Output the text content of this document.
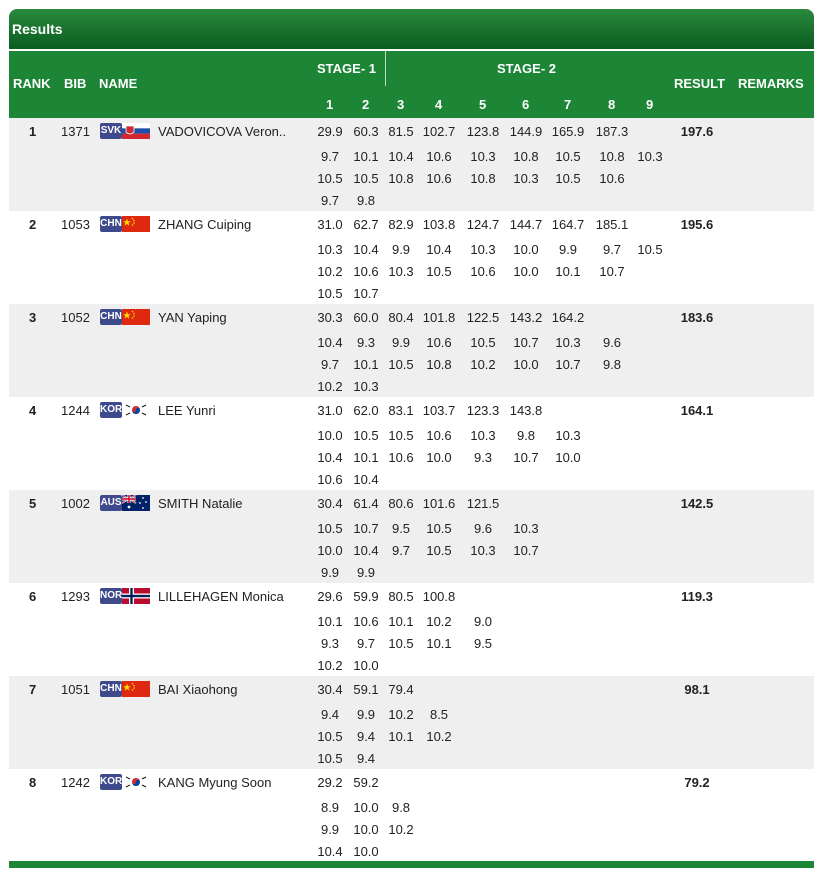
Results
RANK BIB NAME
STAGE- 1	STAGE- 2
1 2 3 4	5	6	7	8 9
RESULT REMARKS
1 1371 SVK	VADOVICOVA Veron.. 29.9 60.3 81.5 102.7 123.8 144.9 165.9 187.3
9.7 10.1 10.4 10.6 10.3 10.8 10.5 10.8 10.3
10.5 10.5 10.8 10.6 10.8 10.3 10.5 10.6
9.7 9.8
197.6
2 1053 CHN	ZHANG Cuiping	31.0 62.7 82.9 103.8 124.7 144.7 164.7 185.1
10.3 10.4 9.9 10.4 10.3 10.0 9.9 9.7 10.5
10.2 10.6 10.3 10.5 10.6 10.0 10.1 10.7
10.5 10.7
195.6
3 1052 CHN	YAN Yaping	30.3 60.0 80.4 101.8 122.5 143.2 164.2
10.4 9.3 9.9 10.6 10.5 10.7 10.3 9.6
9.7 10.1 10.5 10.8 10.2 10.0 10.7 9.8
10.2 10.3
183.6
4 1244 KOR	LEE Yunri	31.0 62.0 83.1 103.7 123.3 143.8
10.0 10.5 10.5 10.6 10.3 9.8 10.3
10.4 10.1 10.6 10.0 9.3 10.7 10.0
10.6 10.4
164.1
5 1002 AUS	SMITH Natalie	30.4 61.4 80.6 101.6 121.5
10.5 10.7 9.5 10.5 9.6 10.3
10.0 10.4 9.7 10.5 10.3 10.7
9.9 9.9
142.5
6 1293 NOR	LILLEHAGEN Monica	29.6 59.9 80.5 100.8
10.1 10.6 10.1 10.2 9.0
9.3 9.7 10.5 10.1 9.5
10.2 10.0
119.3
7 1051 CHN	BAI Xiaohong	30.4 59.1 79.4
9.4 9.9 10.2 8.5
10.5 9.4 10.1 10.2
10.5 9.4
98.1
8 1242 KOR	KANG Myung Soon	29.2 59.2
8.9 10.0 9.8
9.9 10.0 10.2
10.4 10.0
79.2
